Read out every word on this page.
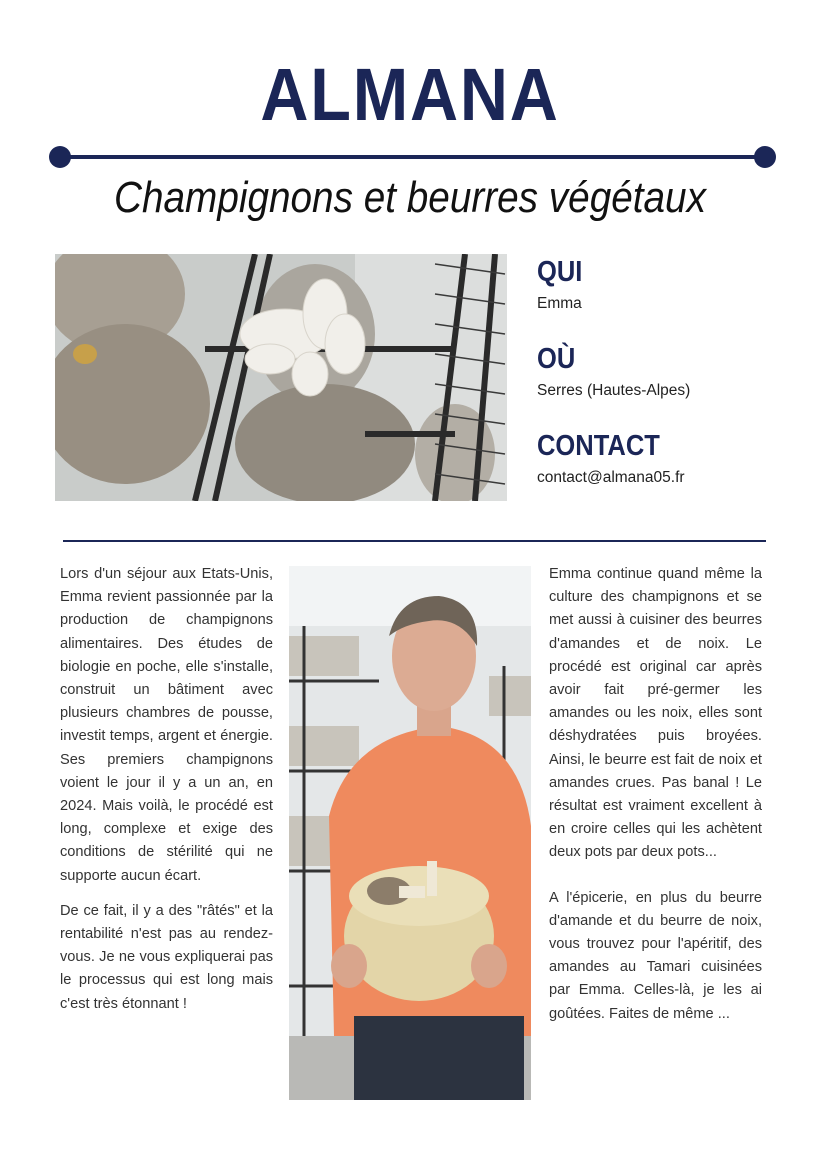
ALMANA
Champignons et beurres végétaux
QUI
Emma
OÙ
Serres (Hautes-Alpes)
CONTACT
contact@almana05.fr

Lors d'un séjour aux Etats-Unis, Emma revient passionnée par la production de champignons alimentaires. Des études de biologie en poche, elle s'installe, construit un bâtiment avec plusieurs chambres de pousse, investit temps, argent et énergie. Ses premiers champignons voient le jour il y a un an, en 2024. Mais voilà, le procédé est long, complexe et exige des conditions de stérilité qui ne supporte aucun écart.

De ce fait, il y a des "râtés" et la rentabilité n'est pas au rendez-vous. Je ne vous expliquerai pas le processus qui est long mais c'est très étonnant !

Emma continue quand même la culture des champignons et se met aussi à cuisiner des beurres d'amandes et de noix. Le procédé est original car après avoir fait pré-germer les amandes ou les noix, elles sont déshydratées puis broyées. Ainsi, le beurre est fait de noix et amandes crues. Pas banal ! Le résultat est vraiment excellent à en croire celles qui les achètent deux pots par deux pots...

A l'épicerie, en plus du beurre d'amande et du beurre de noix, vous trouvez pour l'apéritif, des amandes au Tamari cuisinées par Emma. Celles-là, je les ai goûtées. Faites de même ...
